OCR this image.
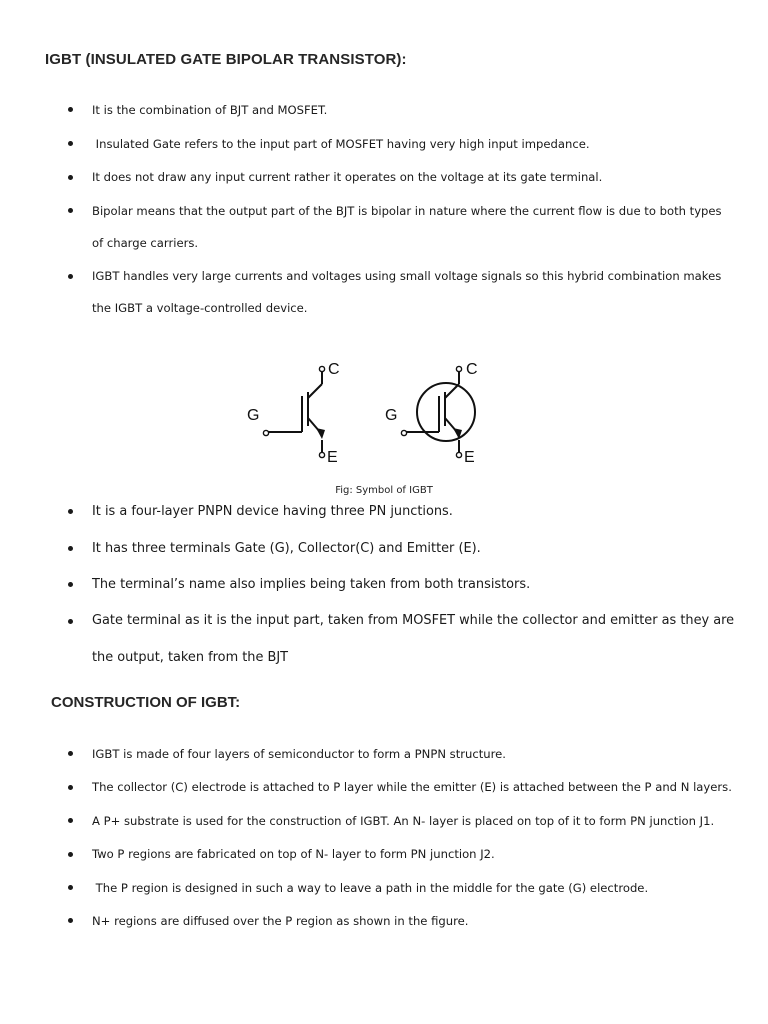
IGBT (INSULATED GATE BIPOLAR TRANSISTOR):
It is the combination of BJT and MOSFET.
Insulated Gate refers to the input part of MOSFET having very high input impedance.
It does not draw any input current rather it operates on the voltage at its gate terminal.
Bipolar means that the output part of the BJT is bipolar in nature where the current flow is due to both types
of charge carriers.
IGBT handles very large currents and voltages using small voltage signals so this hybrid combination makes
the IGBT a voltage-controlled device.
C
G
E
C
G
E
Fig: Symbol of IGBT
It is a four-layer PNPN device having three PN junctions.
It has three terminals Gate (G), Collector(C) and Emitter (E).
The terminal’s name also implies being taken from both transistors.
Gate terminal as it is the input part, taken from MOSFET while the collector and emitter as they are
the output, taken from the BJT
CONSTRUCTION OF IGBT:
IGBT is made of four layers of semiconductor to form a PNPN structure.
The collector (C) electrode is attached to P layer while the emitter (E) is attached between the P and N layers.
A P+ substrate is used for the construction of IGBT. An N- layer is placed on top of it to form PN junction J1.
Two P regions are fabricated on top of N- layer to form PN junction J2.
The P region is designed in such a way to leave a path in the middle for the gate (G) electrode.
N+ regions are diffused over the P region as shown in the figure.
